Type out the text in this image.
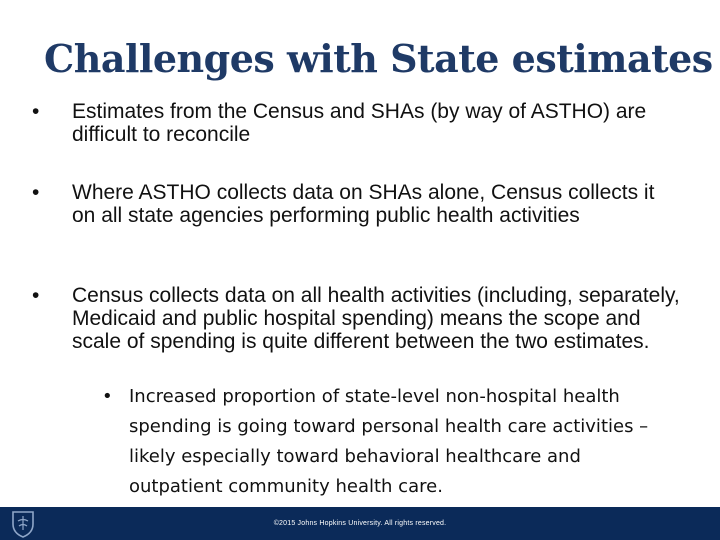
Challenges with State estimates
• Estimates from the Census and SHAs (by way of ASTHO) are difficult to reconcile
• Where ASTHO collects data on SHAs alone, Census collects it on all state agencies performing public health activities
• Census collects data on all health activities (including, separately, Medicaid and public hospital spending) means the scope and scale of spending is quite different between the two estimates.
• Increased proportion of state-level non-hospital health spending is going toward personal health care activities – likely especially toward behavioral healthcare and outpatient community health care.
©2015 Johns Hopkins University. All rights reserved.
